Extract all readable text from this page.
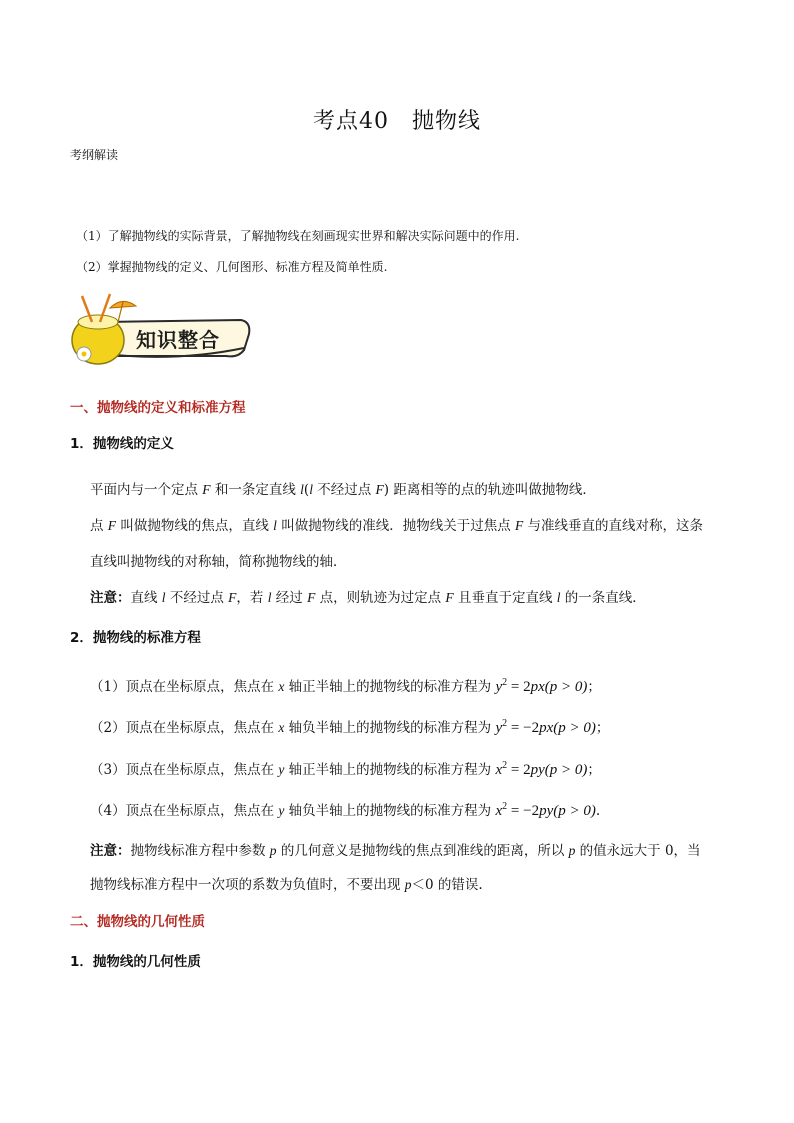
考点40　抛物线
考纲解读
（1）了解抛物线的实际背景，了解抛物线在刻画现实世界和解决实际问题中的作用.
（2）掌握抛物线的定义、几何图形、标准方程及简单性质.
知识整合
一、抛物线的定义和标准方程
1．抛物线的定义
平面内与一个定点 F 和一条定直线 l(l 不经过点 F) 距离相等的点的轨迹叫做抛物线．
点 F 叫做抛物线的焦点，直线 l 叫做抛物线的准线．抛物线关于过焦点 F 与准线垂直的直线对称，这条
直线叫抛物线的对称轴，简称抛物线的轴．
注意：直线 l 不经过点 F，若 l 经过 F 点，则轨迹为过定点 F 且垂直于定直线 l 的一条直线．
2．抛物线的标准方程
（1）顶点在坐标原点，焦点在 x 轴正半轴上的抛物线的标准方程为 $y^2 = 2px(p > 0)$；
（2）顶点在坐标原点，焦点在 x 轴负半轴上的抛物线的标准方程为 $y^2 = -2px(p > 0)$；
（3）顶点在坐标原点，焦点在 y 轴正半轴上的抛物线的标准方程为 $x^2 = 2py(p > 0)$；
（4）顶点在坐标原点，焦点在 y 轴负半轴上的抛物线的标准方程为 $x^2 = -2py(p > 0)$.
注意：抛物线标准方程中参数 p 的几何意义是抛物线的焦点到准线的距离，所以 p 的值永远大于 0，当
抛物线标准方程中一次项的系数为负值时，不要出现 p＜0 的错误.
二、抛物线的几何性质
1．抛物线的几何性质
